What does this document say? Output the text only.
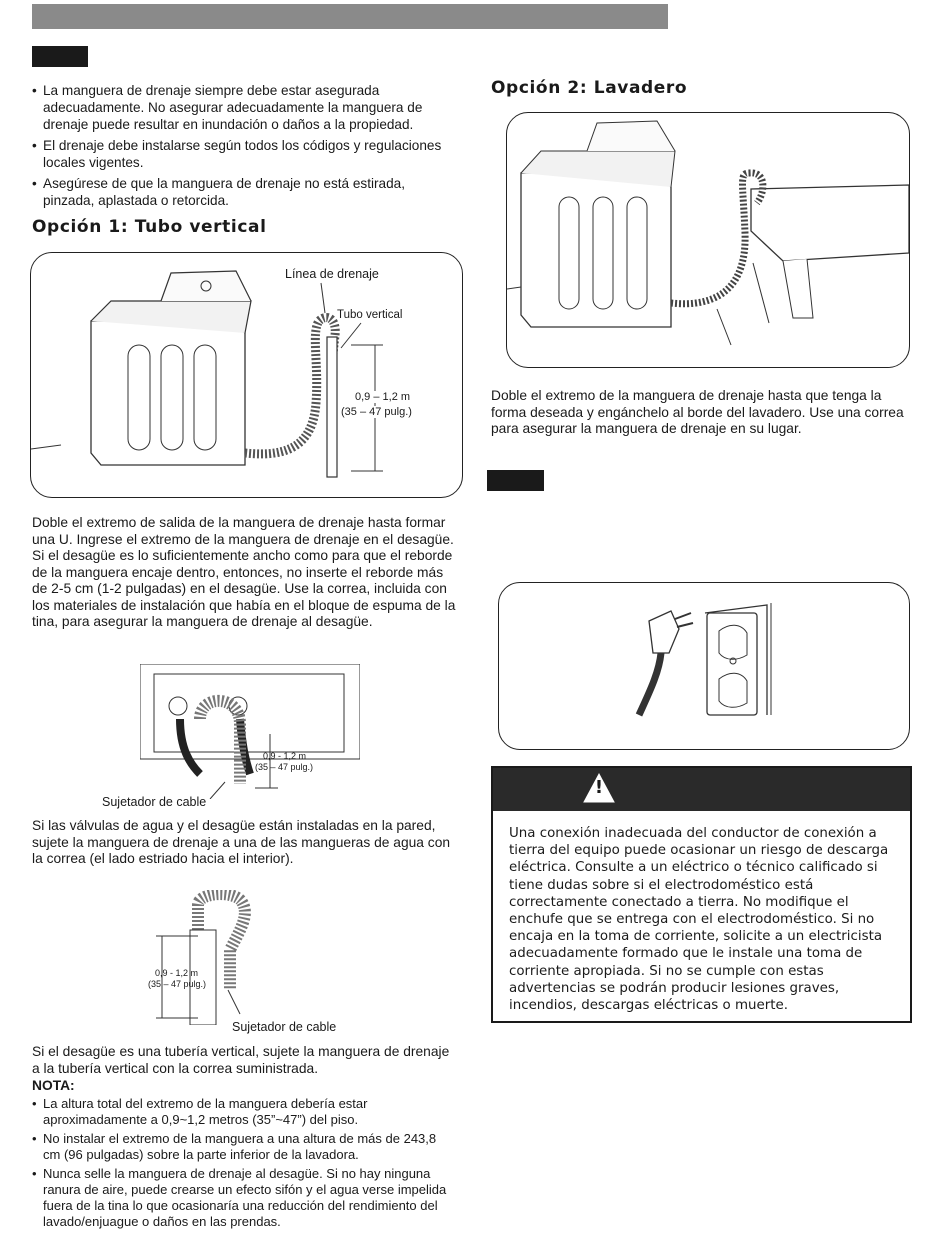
• La manguera de drenaje siempre debe estar asegurada adecuadamente. No asegurar adecuadamente la manguera de drenaje puede resultar en inundación o daños a la propiedad.
• El drenaje debe instalarse según todos los códigos y regulaciones locales vigentes.
• Asegúrese de que la manguera de drenaje no está estirada, pinzada, aplastada o retorcida.
Opción 1: Tubo vertical
Línea de drenaje
Tubo vertical
0,9 – 1,2 m
(35 – 47 pulg.)
Doble el extremo de salida de la manguera de drenaje hasta formar una U. Ingrese el extremo de la manguera de drenaje en el desagüe. Si el desagüe es lo suficientemente ancho como para que el reborde de la manguera encaje dentro, entonces, no inserte el reborde más de 2-5 cm (1-2 pulgadas) en el desagüe. Use la correa, incluida con los materiales de instalación que había en el bloque de espuma de la tina, para asegurar la manguera de drenaje al desagüe.
0,9 - 1,2 m
(35 – 47 pulg.)
Sujetador de cable
Si las válvulas de agua y el desagüe están instaladas en la pared, sujete la manguera de drenaje a una de las mangueras de agua con la correa (el lado estriado hacia el interior).
0,9 - 1,2 m
(35 – 47 pulg.)
Sujetador de cable
Si el desagüe es una tubería vertical, sujete la manguera de drenaje a la tubería vertical con la correa suministrada.
NOTA:
• La altura total del extremo de la manguera debería estar aproximadamente a 0,9~1,2 metros (35”~47”) del piso.
• No instalar el extremo de la manguera a una altura de más de 243,8 cm (96 pulgadas) sobre la parte inferior de la lavadora.
• Nunca selle la manguera de drenaje al desagüe. Si no hay ninguna ranura de aire, puede crearse un efecto sifón y el agua verse impelida fuera de la tina lo que ocasionaría una reducción del rendimiento del lavado/enjuague o daños en las prendas.
Opción 2: Lavadero
Doble el extremo de la manguera de drenaje hasta que tenga la forma deseada y engánchelo al borde del lavadero. Use una correa para asegurar la manguera de drenaje en su lugar.
!
Una conexión inadecuada del conductor de conexión a tierra del equipo puede ocasionar un riesgo de descarga eléctrica. Consulte a un eléctrico o técnico calificado si tiene dudas sobre si el electrodoméstico está correctamente conectado a tierra. No modifique el enchufe que se entrega con el electrodoméstico. Si no encaja en la toma de corriente, solicite a un electricista adecuadamente formado que le instale una toma de corriente apropiada. Si no se cumple con estas advertencias se podrán producir lesiones graves, incendios, descargas eléctricas o muerte.
